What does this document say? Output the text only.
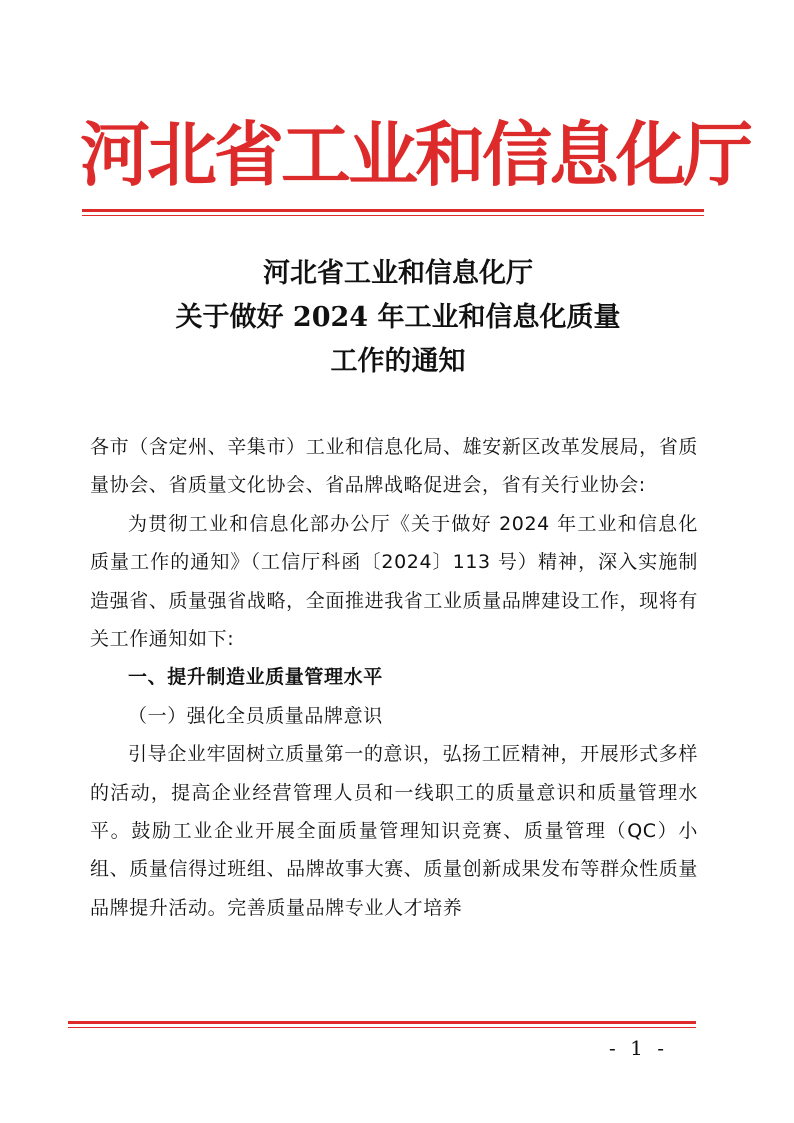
河北省工业和信息化厅
河北省工业和信息化厅
关于做好 2024 年工业和信息化质量
工作的通知

各市（含定州、辛集市）工业和信息化局、雄安新区改革发展局，省质量协会、省质量文化协会、省品牌战略促进会，省有关行业协会:

为贯彻工业和信息化部办公厅《关于做好 2024 年工业和信息化质量工作的通知》（工信厅科函〔2024〕113 号）精神，深入实施制造强省、质量强省战略，全面推进我省工业质量品牌建设工作，现将有关工作通知如下:

一、提升制造业质量管理水平

（一）强化全员质量品牌意识

引导企业牢固树立质量第一的意识，弘扬工匠精神，开展形式多样的活动，提高企业经营管理人员和一线职工的质量意识和质量管理水平。鼓励工业企业开展全面质量管理知识竞赛、质量管理（QC）小组、质量信得过班组、品牌故事大赛、质量创新成果发布等群众性质量品牌提升活动。完善质量品牌专业人才培养

- 1 -
